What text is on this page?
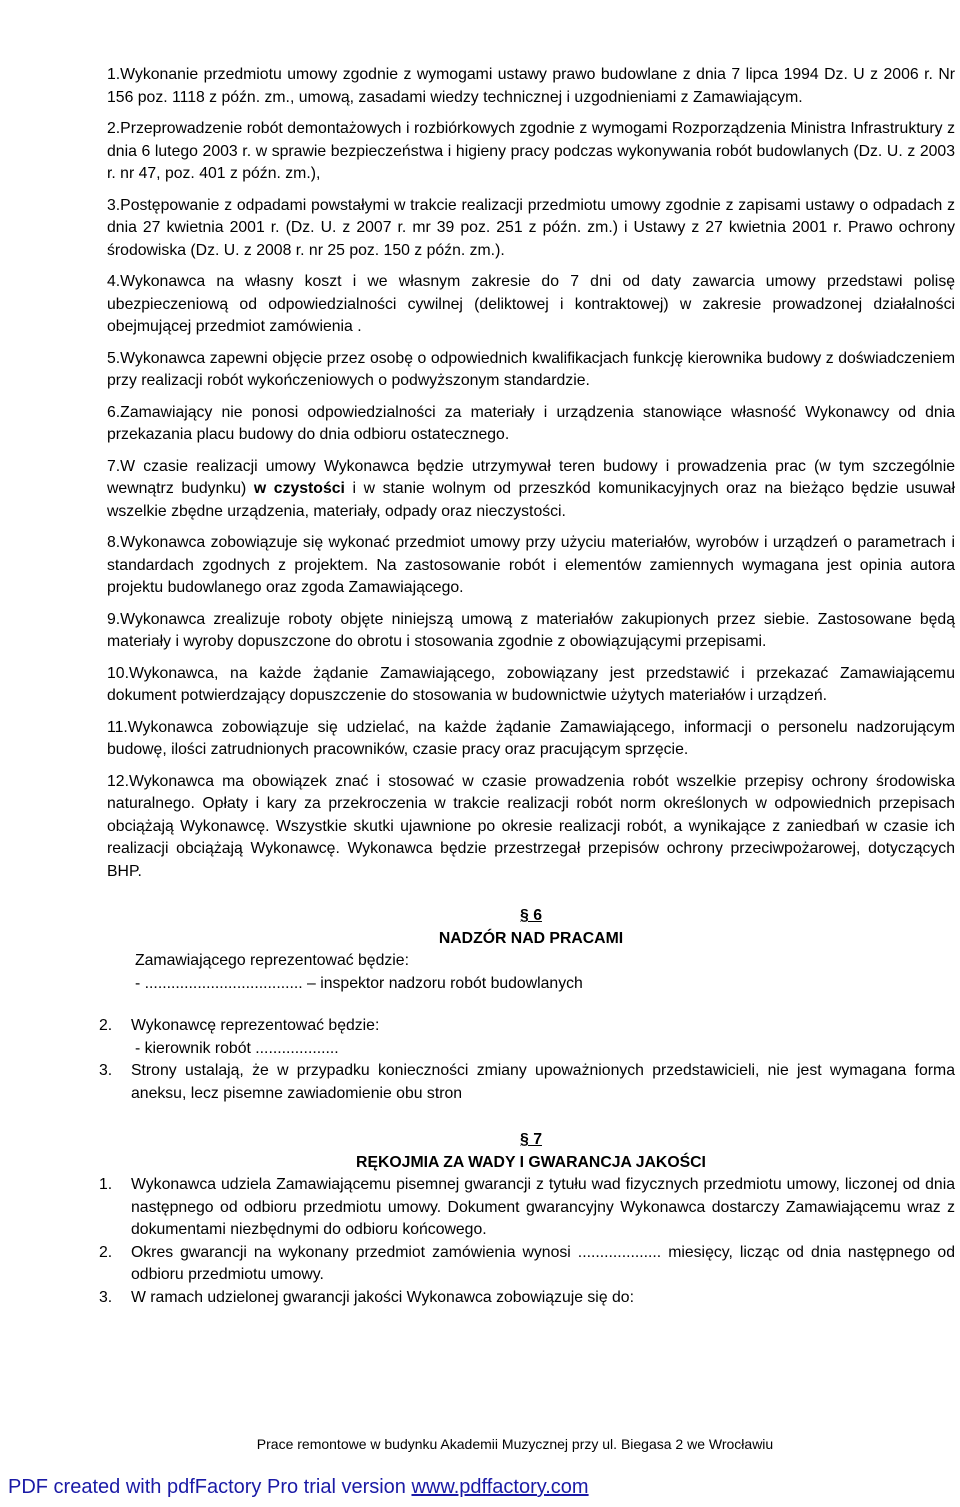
Prace remontowe w budynku Akademii Muzycznej przy ul. Biegasa 2 we Wrocławiu ZP 262-5/10
WZÓR

1.Wykonanie przedmiotu umowy zgodnie z wymogami ustawy prawo budowlane z dnia 7 lipca 1994 Dz. U z 2006 r. Nr 156 poz. 1118 z późn. zm., umową, zasadami wiedzy technicznej i uzgodnieniami z Zamawiającym.

2.Przeprowadzenie robót demontażowych i rozbiórkowych zgodnie z wymogami Rozporządzenia Ministra Infrastruktury z dnia 6 lutego 2003 r. w sprawie bezpieczeństwa i higieny pracy podczas wykonywania robót budowlanych (Dz. U. z 2003 r. nr 47, poz. 401 z późn. zm.),

3.Postępowanie z odpadami powstałymi w trakcie realizacji przedmiotu umowy zgodnie z zapisami ustawy o odpadach z dnia 27 kwietnia 2001 r. (Dz. U. z 2007 r. mr 39 poz. 251 z późn. zm.) i Ustawy z 27 kwietnia 2001 r. Prawo ochrony środowiska (Dz. U. z 2008 r. nr 25 poz. 150 z późn. zm.).

4.Wykonawca na własny koszt i we własnym zakresie do 7 dni od daty zawarcia umowy przedstawi polisę ubezpieczeniową od odpowiedzialności cywilnej (deliktowej i kontraktowej) w zakresie prowadzonej działalności obejmującej przedmiot zamówienia .

5.Wykonawca zapewni objęcie przez osobę o odpowiednich kwalifikacjach funkcję kierownika budowy z doświadczeniem przy realizacji robót wykończeniowych o podwyższonym standardzie.

6.Zamawiający nie ponosi odpowiedzialności za materiały i urządzenia stanowiące własność Wykonawcy od dnia przekazania placu budowy do dnia odbioru ostatecznego.

7.W czasie realizacji umowy Wykonawca będzie utrzymywał teren budowy i prowadzenia prac (w tym szczególnie wewnątrz budynku) w czystości i w stanie wolnym od przeszkód komunikacyjnych oraz na bieżąco będzie usuwał wszelkie zbędne urządzenia, materiały, odpady oraz nieczystości.

8.Wykonawca zobowiązuje się wykonać przedmiot umowy przy użyciu materiałów, wyrobów i urządzeń o parametrach i standardach zgodnych z projektem. Na zastosowanie robót i elementów zamiennych wymagana jest opinia autora projektu budowlanego oraz zgoda Zamawiającego.

9.Wykonawca zrealizuje roboty objęte niniejszą umową z materiałów zakupionych przez siebie. Zastosowane będą materiały i wyroby dopuszczone do obrotu i stosowania zgodnie z obowiązującymi przepisami.

10.Wykonawca, na każde żądanie Zamawiającego, zobowiązany jest przedstawić i przekazać Zamawiającemu dokument potwierdzający dopuszczenie do stosowania w budownictwie użytych materiałów i urządzeń.

11.Wykonawca zobowiązuje się udzielać, na każde żądanie Zamawiającego, informacji o personelu nadzorującym budowę, ilości zatrudnionych pracowników, czasie pracy oraz pracującym sprzęcie.

12.Wykonawca ma obowiązek znać i stosować w czasie prowadzenia robót wszelkie przepisy ochrony środowiska naturalnego. Opłaty i kary za przekroczenia w trakcie realizacji robót norm określonych w odpowiednich przepisach obciążają Wykonawcę. Wszystkie skutki ujawnione po okresie realizacji robót, a wynikające z zaniedbań w czasie ich realizacji obciążają Wykonawcę. Wykonawca będzie przestrzegał przepisów ochrony przeciwpożarowej, dotyczących BHP.

§ 6
NADZÓR NAD PRACAMI
Zamawiającego reprezentować będzie:
- .................................... – inspektor nadzoru robót budowlanych
2.	Wykonawcę reprezentować będzie:
- kierownik robót ...................
3.	Strony ustalają, że w przypadku konieczności zmiany upoważnionych przedstawicieli, nie jest wymagana forma aneksu, lecz pisemne zawiadomienie obu stron
§ 7
RĘKOJMIA ZA WADY I GWARANCJA JAKOŚCI
1.	Wykonawca udziela Zamawiającemu pisemnej gwarancji z tytułu wad fizycznych przedmiotu umowy, liczonej od dnia następnego od odbioru przedmiotu umowy. Dokument gwarancyjny Wykonawca dostarczy Zamawiającemu wraz z dokumentami niezbędnymi do odbioru końcowego.
2.	Okres gwarancji na wykonany przedmiot zamówienia wynosi ................... miesięcy, licząc od dnia następnego od odbioru przedmiotu umowy.
3.	W ramach udzielonej gwarancji jakości Wykonawca zobowiązuje się do:
Prace remontowe w budynku Akademii Muzycznej przy ul. Biegasa 2 we Wrocławiu
PDF created with pdfFactory Pro trial version www.pdffactory.com
